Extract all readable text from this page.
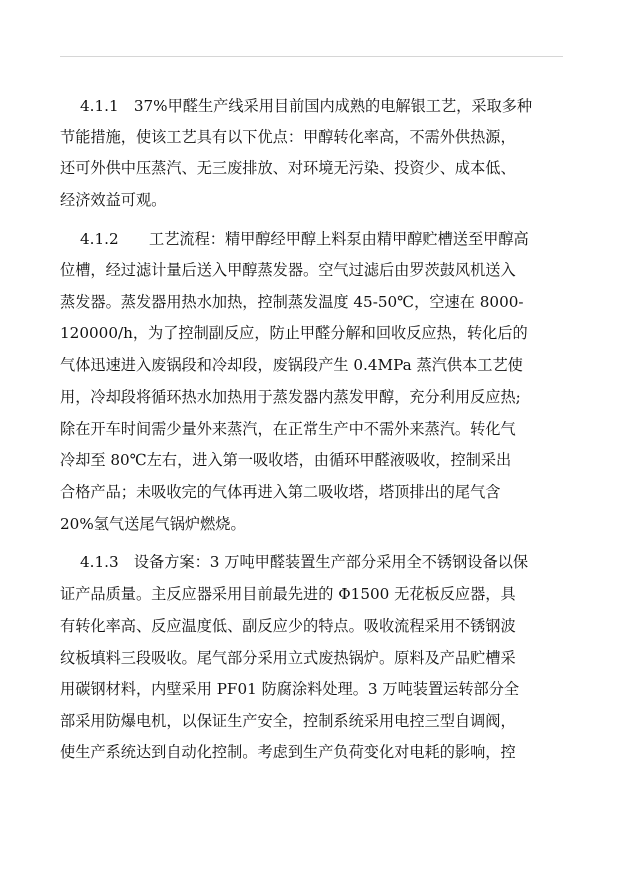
4.1.1　37%甲醛生产线采用目前国内成熟的电解银工艺，采取多种
节能措施，使该工艺具有以下优点：甲醇转化率高，不需外供热源，
还可外供中压蒸汽、无三废排放、对环境无污染、投资少、成本低、
经济效益可观。
4.1.2　　工艺流程：精甲醇经甲醇上料泵由精甲醇贮槽送至甲醇高
位槽，经过滤计量后送入甲醇蒸发器。空气过滤后由罗茨鼓风机送入
蒸发器。蒸发器用热水加热，控制蒸发温度 45-50℃，空速在 8000-
120000/h，为了控制副反应，防止甲醛分解和回收反应热，转化后的
气体迅速进入废锅段和冷却段，废锅段产生 0.4MPa 蒸汽供本工艺使
用，冷却段将循环热水加热用于蒸发器内蒸发甲醇，充分利用反应热;
除在开车时间需少量外来蒸汽，在正常生产中不需外来蒸汽。转化气
冷却至 80℃左右，进入第一吸收塔，由循环甲醛液吸收，控制采出
合格产品；未吸收完的气体再进入第二吸收塔，塔顶排出的尾气含
20%氢气送尾气锅炉燃烧。
4.1.3　设备方案：3 万吨甲醛装置生产部分采用全不锈钢设备以保
证产品质量。主反应器采用目前最先进的 Φ1500 无花板反应器，具
有转化率高、反应温度低、副反应少的特点。吸收流程采用不锈钢波
纹板填料三段吸收。尾气部分采用立式废热锅炉。原料及产品贮槽采
用碳钢材料，内壁采用 PF01 防腐涂料处理。3 万吨装置运转部分全
部采用防爆电机，以保证生产安全，控制系统采用电控三型自调阀，
使生产系统达到自动化控制。考虑到生产负荷变化对电耗的影响，控
